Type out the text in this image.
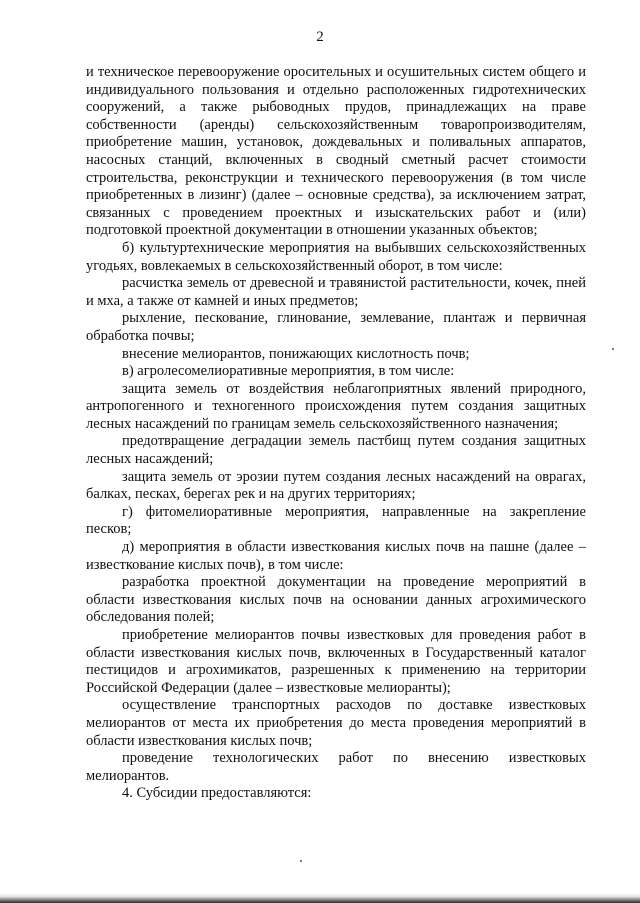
2

и техническое перевооружение оросительных и осушительных систем общего и индивидуального пользования и отдельно расположенных гидротехнических сооружений, а также рыбоводных прудов, принадлежащих на праве собственности (аренды) сельскохозяйственным товаропроизводителям, приобретение машин, установок, дождевальных и поливальных аппаратов, насосных станций, включенных в сводный сметный расчет стоимости строительства, реконструкции и технического перевооружения (в том числе приобретенных в лизинг) (далее – основные средства), за исключением затрат, связанных с проведением проектных и изыскательских работ и (или) подготовкой проектной документации в отношении указанных объектов;

б) культуртехнические мероприятия на выбывших сельскохозяйственных угодьях, вовлекаемых в сельскохозяйственный оборот, в том числе:

расчистка земель от древесной и травянистой растительности, кочек, пней и мха, а также от камней и иных предметов;

рыхление, пескование, глинование, землевание, плантаж и первичная обработка почвы;

внесение мелиорантов, понижающих кислотность почв;

в) агролесомелиоративные мероприятия, в том числе:

защита земель от воздействия неблагоприятных явлений природного, антропогенного и техногенного происхождения путем создания защитных лесных насаждений по границам земель сельскохозяйственного назначения;

предотвращение деградации земель пастбищ путем создания защитных лесных насаждений;

защита земель от эрозии путем создания лесных насаждений на оврагах, балках, песках, берегах рек и на других территориях;

г) фитомелиоративные мероприятия, направленные на закрепление песков;

д) мероприятия в области известкования кислых почв на пашне (далее – известкование кислых почв), в том числе:

разработка проектной документации на проведение мероприятий в области известкования кислых почв на основании данных агрохимического обследования полей;

приобретение мелиорантов почвы известковых для проведения работ в области известкования кислых почв, включенных в Государственный каталог пестицидов и агрохимикатов, разрешенных к применению на территории Российской Федерации (далее – известковые мелиоранты);

осуществление транспортных расходов по доставке известковых мелиорантов от места их приобретения до места проведения мероприятий в области известкования кислых почв;

проведение технологических работ по внесению известковых мелиорантов.

4. Субсидии предоставляются:
